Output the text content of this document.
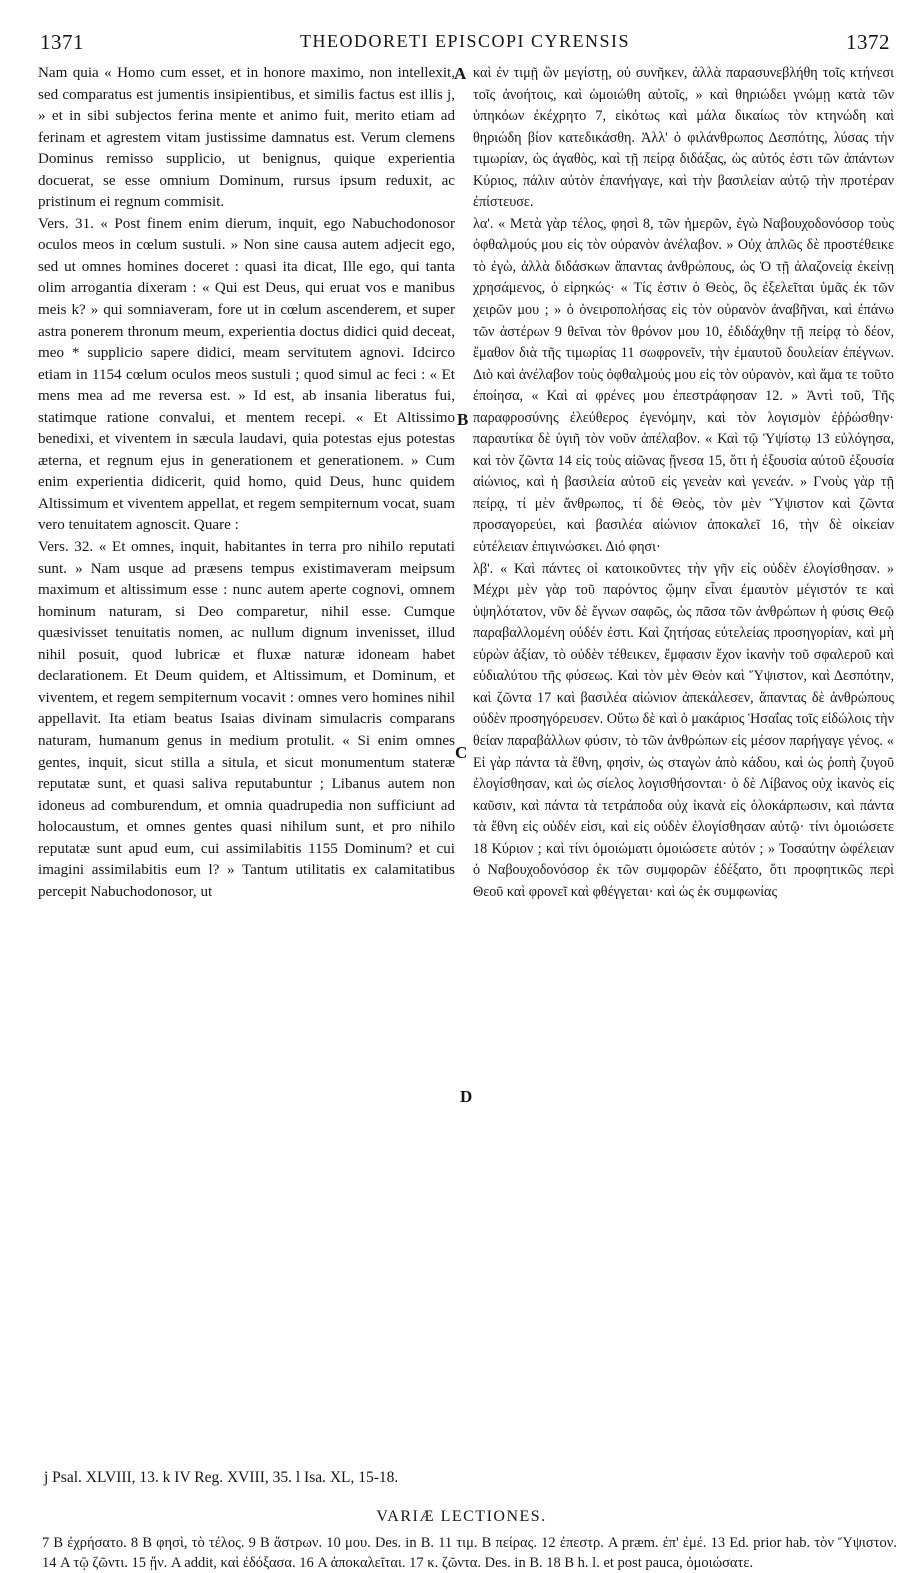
1371	THEODORETI EPISCOPI CYRENSIS	1372

Nam quia « Homo cum esset, et in honore maximo, non intellexit, sed comparatus est jumentis insipientibus, et similis factus est illis j, » et in sibi subjectos ferina mente et animo fuit, merito etiam ad ferinam et agrestem vitam justissime damnatus est. Verum clemens Dominus remisso supplicio, ut benignus, quique experientia docuerat, se esse omnium Dominum, rursus ipsum reduxit, ac pristinum ei regnum commisit.

Vers. 31. « Post finem enim dierum, inquit, ego Nabuchodonosor oculos meos in cœlum sustuli. » Non sine causa autem adjecit ego, sed ut omnes homines doceret : quasi ita dicat, Ille ego, qui tanta olim arrogantia dixeram : « Qui est Deus, qui eruat vos e manibus meis k? » qui somniaveram, fore ut in cœlum ascenderem, et super astra ponerem thronum meum, experientia doctus didici quid deceat, meo * supplicio sapere didici, meam servitutem agnovi. Idcirco etiam in 1154 cœlum oculos meos sustuli ; quod simul ac feci : « Et mens mea ad me reversa est. » Id est, ab insania liberatus fui, statimque ratione convalui, et mentem recepi. « Et Altissimo benedixi, et viventem in sæcula laudavi, quia potestas ejus potestas æterna, et regnum ejus in generationem et generationem. » Cum enim experientia didicerit, quid homo, quid Deus, hunc quidem Altissimum et viventem appellat, et regem sempiternum vocat, suam vero tenuitatem agnoscit. Quare :

Vers. 32. « Et omnes, inquit, habitantes in terra pro nihilo reputati sunt. » Nam usque ad præsens tempus existimaveram meipsum maximum et altissimum esse : nunc autem aperte cognovi, omnem hominum naturam, si Deo comparetur, nihil esse. Cumque quæsivisset tenuitatis nomen, ac nullum dignum invenisset, illud nihil posuit, quod lubricæ et fluxæ naturæ idoneam habet declarationem. Et Deum quidem, et Altissimum, et Dominum, et viventem, et regem sempiternum vocavit : omnes vero homines nihil appellavit. Ita etiam beatus Isaias divinam simulacris comparans naturam, humanum genus in medium protulit. « Si enim omnes gentes, inquit, sicut stilla a situla, et sicut monumentum stateræ reputatæ sunt, et quasi saliva reputabuntur ; Libanus autem non idoneus ad comburendum, et omnia quadrupedia non sufficiunt ad holocaustum, et omnes gentes quasi nihilum sunt, et pro nihilo reputatæ sunt apud eum, cui assimilabitis 1155 Dominum? et cui imagini assimilabitis eum l? » Tantum utilitatis ex calamitatibus percepit Nabuchodonosor, ut

A
B
C
D

καὶ ἐν τιμῇ ὢν μεγίστῃ, οὐ συνῆκεν, ἀλλὰ παρασυνεβλήθη τοῖς κτήνεσι τοῖς ἀνοήτοις, καὶ ὡμοιώθη αὐτοῖς, » καὶ θηριώδει γνώμῃ κατὰ τῶν ὑπηκόων ἐκέχρητο 7, εἰκότως καὶ μάλα δικαίως τὸν κτηνώδη καὶ θηριώδη βίον κατεδικάσθη. Ἀλλ' ὁ φιλάνθρωπος Δεσπότης, λύσας τὴν τιμωρίαν, ὡς ἀγαθὸς, καὶ τῇ πείρᾳ διδάξας, ὡς αὐτός ἐστι τῶν ἁπάντων Κύριος, πάλιν αὐτὸν ἐπανήγαγε, καὶ τὴν βασιλείαν αὐτῷ τὴν προτέραν ἐπίστευσε.

λα'. « Μετὰ γὰρ τέλος, φησὶ 8, τῶν ἡμερῶν, ἐγὼ Ναβουχοδονόσορ τοὺς ὀφθαλμούς μου εἰς τὸν οὐρανὸν ἀνέλαβον. » Οὐχ ἁπλῶς δὲ προστέθεικε τὸ ἐγὼ, ἀλλὰ διδάσκων ἅπαντας ἀνθρώπους, ὡς Ὁ τῇ ἀλαζονείᾳ ἐκείνῃ χρησάμενος, ὁ εἰρηκώς· « Τίς ἐστιν ὁ Θεὸς, ὃς ἐξελεῖται ὑμᾶς ἐκ τῶν χειρῶν μου ; » ὁ ὀνειροπολήσας εἰς τὸν οὐρανὸν ἀναβῆναι, καὶ ἐπάνω τῶν ἀστέρων 9 θεῖναι τὸν θρόνον μου 10, ἐδιδάχθην τῇ πείρᾳ τὸ δέον, ἔμαθον διὰ τῆς τιμωρίας 11 σωφρονεῖν, τὴν ἐμαυτοῦ δουλείαν ἐπέγνων. Διὸ καὶ ἀνέλαβον τοὺς ὀφθαλμούς μου εἰς τὸν οὐρανὸν, καὶ ἅμα τε τοῦτο ἐποίησα, « Καὶ αἱ φρένες μου ἐπεστράφησαν 12. » Ἀντὶ τοῦ, Τῆς παραφροσύνης ἐλεύθερος ἐγενόμην, καὶ τὸν λογισμὸν ἐῤῥώσθην· παραυτίκα δὲ ὑγιῆ τὸν νοῦν ἀπέλαβον. « Καὶ τῷ Ὑψίστῳ 13 εὐλόγησα, καὶ τὸν ζῶντα 14 εἰς τοὺς αἰῶνας ᾔνεσα 15, ὅτι ἡ ἐξουσία αὐτοῦ ἐξουσία αἰώνιος, καὶ ἡ βασιλεία αὐτοῦ εἰς γενεὰν καὶ γενεάν. » Γνοὺς γὰρ τῇ πείρᾳ, τί μὲν ἄνθρωπος, τί δὲ Θεὸς, τὸν μὲν Ὕψιστον καὶ ζῶντα προσαγορεύει, καὶ βασιλέα αἰώνιον ἀποκαλεῖ 16, τὴν δὲ οἰκείαν εὐτέλειαν ἐπιγινώσκει. Διό φησι·

λβ'. « Καὶ πάντες οἱ κατοικοῦντες τὴν γῆν εἰς οὐδὲν ἐλογίσθησαν. » Μέχρι μὲν γὰρ τοῦ παρόντος ᾤμην εἶναι ἐμαυτὸν μέγιστόν τε καὶ ὑψηλότατον, νῦν δὲ ἔγνων σαφῶς, ὡς πᾶσα τῶν ἀνθρώπων ἡ φύσις Θεῷ παραβαλλομένη οὐδέν ἐστι. Καὶ ζητήσας εὐτελείας προσηγορίαν, καὶ μὴ εὑρὼν ἀξίαν, τὸ οὐδὲν τέθεικεν, ἔμφασιν ἔχον ἱκανὴν τοῦ σφαλεροῦ καὶ εὐδιαλύτου τῆς φύσεως. Καὶ τὸν μὲν Θεὸν καὶ Ὕψιστον, καὶ Δεσπότην, καὶ ζῶντα 17 καὶ βασιλέα αἰώνιον ἀπεκάλεσεν, ἅπαντας δὲ ἀνθρώπους οὐδὲν προσηγόρευσεν. Οὕτω δὲ καὶ ὁ μακάριος Ἡσαΐας τοῖς εἰδώλοις τὴν θείαν παραβάλλων φύσιν, τὸ τῶν ἀνθρώπων εἰς μέσον παρήγαγε γένος. « Εἰ γὰρ πάντα τὰ ἔθνη, φησὶν, ὡς σταγὼν ἀπὸ κάδου, καὶ ὡς ῥοπὴ ζυγοῦ ἐλογίσθησαν, καὶ ὡς σίελος λογισθήσονται· ὁ δὲ Λίβανος οὐχ ἱκανὸς εἰς καῦσιν, καὶ πάντα τὰ τετράποδα οὐχ ἱκανὰ εἰς ὁλοκάρπωσιν, καὶ πάντα τὰ ἔθνη εἰς οὐδέν εἰσι, καὶ εἰς οὐδὲν ἐλογίσθησαν αὐτῷ· τίνι ὁμοιώσετε 18 Κύριον ; καὶ τίνι ὁμοιώματι ὁμοιώσετε αὐτόν ; » Τοσαύτην ὠφέλειαν ὁ Ναβουχοδονόσορ ἐκ τῶν συμφορῶν ἐδέξατο, ὅτι προφητικῶς περὶ Θεοῦ καὶ φρονεῖ καὶ φθέγγεται· καὶ ὡς ἐκ συμφωνίας

j Psal. XLVIII, 13. k IV Reg. XVIII, 35. l Isa. XL, 15-18.
VARIÆ LECTIONES.
7 B ἐχρήσατο. 8 B φησὶ, τὸ τέλος. 9 B ἄστρων. 10 μου. Des. in B. 11 τιμ. B πείρας. 12 ἐπεστρ. A præm. ἐπ' ἐμέ. 13 Ed. prior hab. τὸν Ὕψιστον. 14 A τῷ ζῶντι. 15 ᾔν. A addit, καὶ ἐδόξασα. 16 A ἀποκαλεῖται. 17 κ. ζῶντα. Des. in B. 18 B h. l. et post pauca, ὁμοιώσατε.
